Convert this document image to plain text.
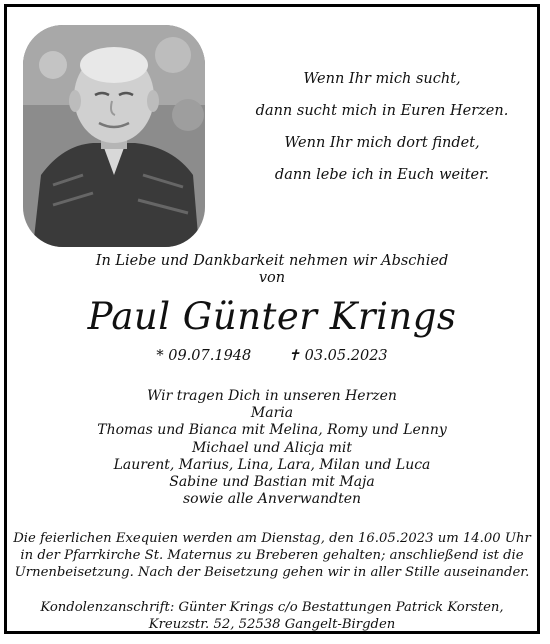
Wenn Ihr mich sucht,
dann sucht mich in Euren Herzen.
Wenn Ihr mich dort findet,
dann lebe ich in Euch weiter.
In Liebe und Dankbarkeit nehmen wir Abschied
von
Paul Günter Krings
* 09.07.1948	✝ 03.05.2023
Wir tragen Dich in unseren Herzen
Maria
Thomas und Bianca mit Melina, Romy und Lenny
Michael und Alicja mit
Laurent, Marius, Lina, Lara, Milan und Luca
Sabine und Bastian mit Maja
sowie alle Anverwandten
Die feierlichen Exequien werden am Dienstag, den 16.05.2023 um 14.00 Uhr
in der Pfarrkirche St. Maternus zu Breberen gehalten; anschließend ist die
Urnenbeisetzung. Nach der Beisetzung gehen wir in aller Stille auseinander.
Kondolenzanschrift: Günter Krings c/o Bestattungen Patrick Korsten,
Kreuzstr. 52, 52538 Gangelt-Birgden
